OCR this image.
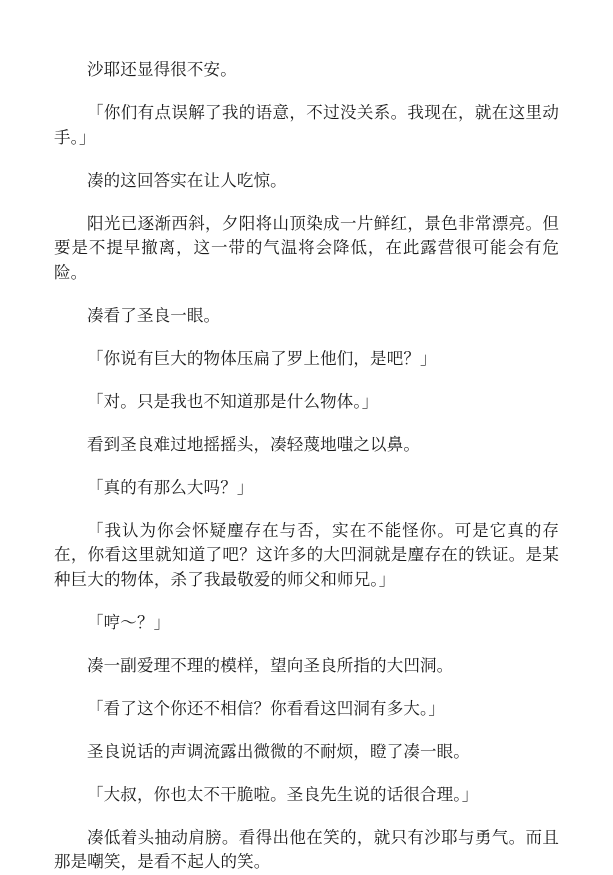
沙耶还显得很不安。

「你们有点误解了我的语意，不过没关系。我现在，就在这里动手。」

凑的这回答实在让人吃惊。

阳光已逐渐西斜，夕阳将山顶染成一片鲜红，景色非常漂亮。但要是不提早撤离，这一带的气温将会降低，在此露营很可能会有危险。

凑看了圣良一眼。

「你说有巨大的物体压扁了罗上他们，是吧？」

「对。只是我也不知道那是什么物体。」

看到圣良难过地摇摇头，凑轻蔑地嗤之以鼻。

「真的有那么大吗？」

「我认为你会怀疑麈存在与否，实在不能怪你。可是它真的存在，你看这里就知道了吧？这许多的大凹洞就是麈存在的铁证。是某种巨大的物体，杀了我最敬爱的师父和师兄。」

「哼～？」

凑一副爱理不理的模样，望向圣良所指的大凹洞。

「看了这个你还不相信？你看看这凹洞有多大。」

圣良说话的声调流露出微微的不耐烦，瞪了凑一眼。

「大叔，你也太不干脆啦。圣良先生说的话很合理。」

凑低着头抽动肩膀。看得出他在笑的，就只有沙耶与勇气。而且那是嘲笑，是看不起人的笑。
